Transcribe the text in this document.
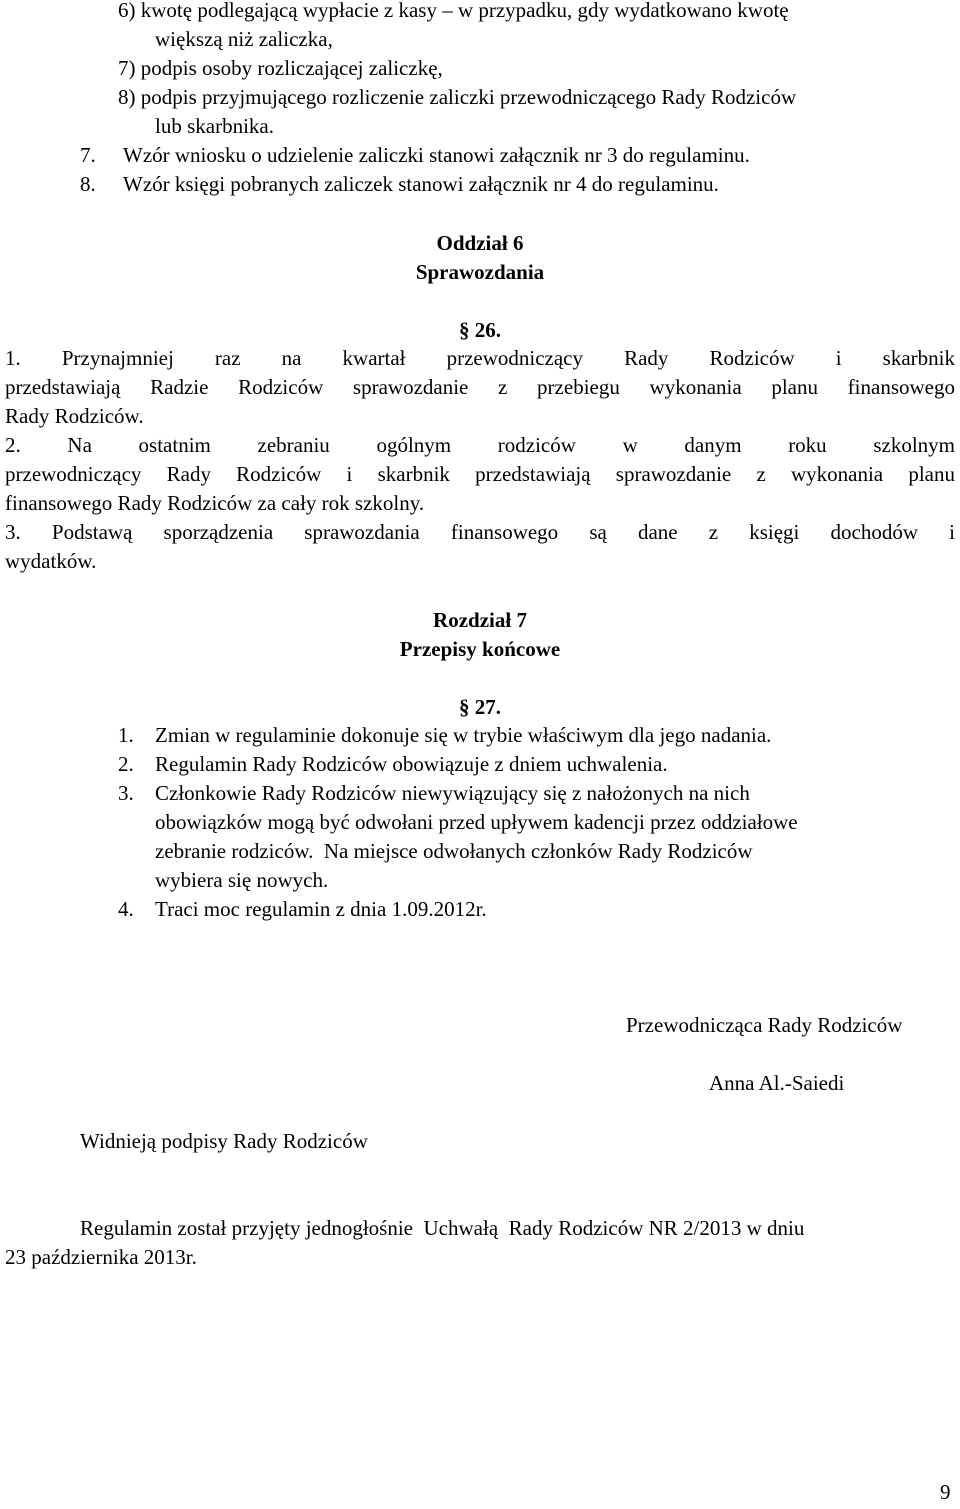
6) kwotę podlegającą wypłacie z kasy – w przypadku, gdy wydatkowano kwotę
większą niż zaliczka,
7) podpis osoby rozliczającej zaliczkę,
8) podpis przyjmującego rozliczenie zaliczki przewodniczącego Rady Rodziców
lub skarbnika.
7. Wzór wniosku o udzielenie zaliczki stanowi załącznik nr 3 do regulaminu.
8. Wzór księgi pobranych zaliczek stanowi załącznik nr 4 do regulaminu.
Oddział 6
Sprawozdania
§ 26.
1. Przynajmniej raz na kwartał przewodniczący Rady Rodziców i skarbnik
przedstawiają Radzie Rodziców sprawozdanie z przebiegu wykonania planu finansowego
Rady Rodziców.
2. Na ostatnim zebraniu ogólnym rodziców w danym roku szkolnym
przewodniczący Rady Rodziców i skarbnik przedstawiają sprawozdanie z wykonania planu
finansowego Rady Rodziców za cały rok szkolny.
3. Podstawą sporządzenia sprawozdania finansowego są dane z księgi dochodów i
wydatków.
Rozdział 7
Przepisy końcowe
§ 27.
1. Zmian w regulaminie dokonuje się w trybie właściwym dla jego nadania.
2. Regulamin Rady Rodziców obowiązuje z dniem uchwalenia.
3. Członkowie Rady Rodziców niewywiązujący się z nałożonych na nich
obowiązków mogą być odwołani przed upływem kadencji przez oddziałowe
zebranie rodziców.  Na miejsce odwołanych członków Rady Rodziców
wybiera się nowych.
4. Traci moc regulamin z dnia 1.09.2012r.
Przewodnicząca Rady Rodziców
Anna Al.-Saiedi
Widnieją podpisy Rady Rodziców
Regulamin został przyjęty jednogłośnie  Uchwałą  Rady Rodziców NR 2/2013 w dniu
23 października 2013r.
9
